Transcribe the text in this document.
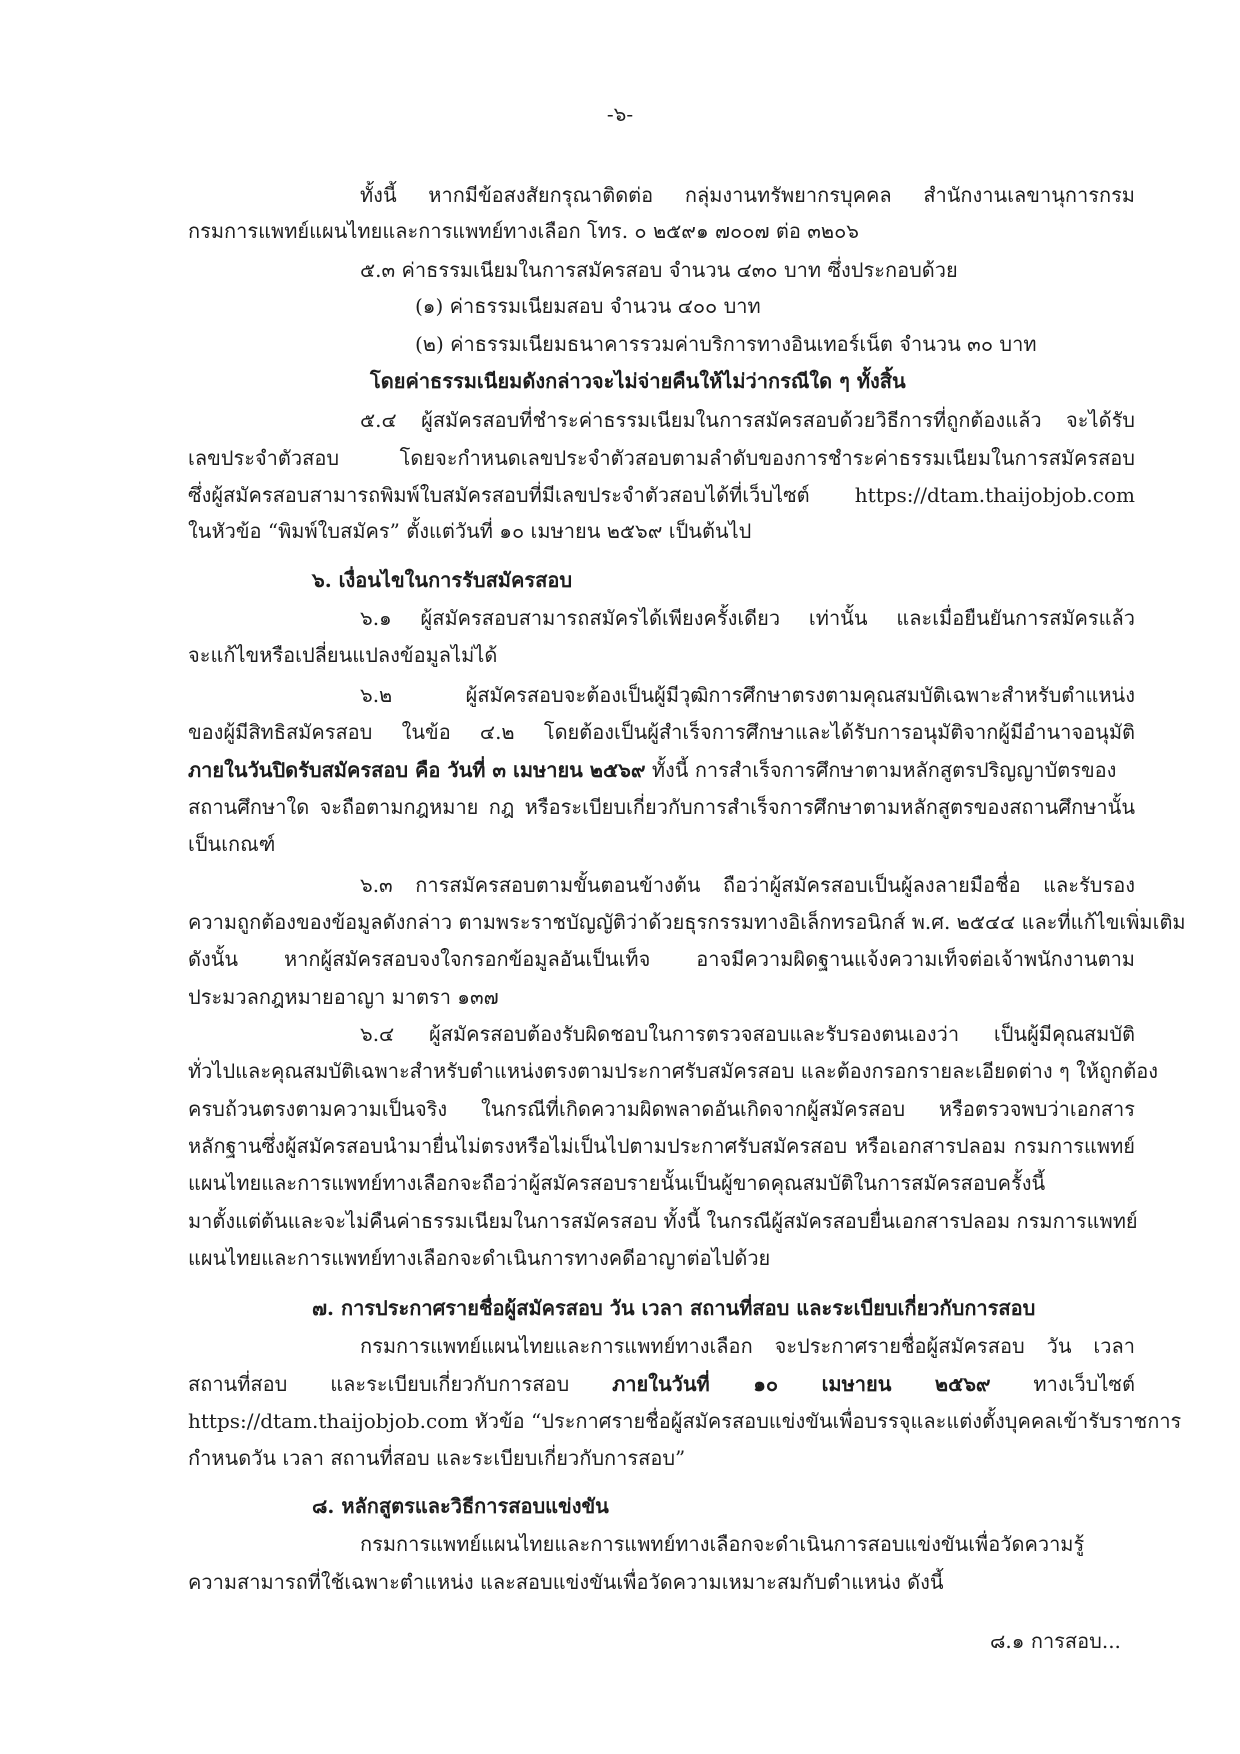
-๖-
ทั้งนี้ หากมีข้อสงสัยกรุณาติดต่อ กลุ่มงานทรัพยากรบุคคล สำนักงานเลขานุการกรม
กรมการแพทย์แผนไทยและการแพทย์ทางเลือก โทร. ๐ ๒๕๙๑ ๗๐๐๗ ต่อ ๓๒๐๖
๕.๓ ค่าธรรมเนียมในการสมัครสอบ จำนวน ๔๓๐ บาท ซึ่งประกอบด้วย
(๑) ค่าธรรมเนียมสอบ จำนวน ๔๐๐ บาท
(๒) ค่าธรรมเนียมธนาคารรวมค่าบริการทางอินเทอร์เน็ต จำนวน ๓๐ บาท
โดยค่าธรรมเนียมดังกล่าวจะไม่จ่ายคืนให้ไม่ว่ากรณีใด ๆ ทั้งสิ้น
๕.๔ ผู้สมัครสอบที่ชำระค่าธรรมเนียมในการสมัครสอบด้วยวิธีการที่ถูกต้องแล้ว จะได้รับ
เลขประจำตัวสอบ โดยจะกำหนดเลขประจำตัวสอบตามลำดับของการชำระค่าธรรมเนียมในการสมัครสอบ
ซึ่งผู้สมัครสอบสามารถพิมพ์ใบสมัครสอบที่มีเลขประจำตัวสอบได้ที่เว็บไซต์ https://dtam.thaijobjob.com
ในหัวข้อ “พิมพ์ใบสมัคร” ตั้งแต่วันที่ ๑๐ เมษายน ๒๕๖๙ เป็นต้นไป
๖. เงื่อนไขในการรับสมัครสอบ
๖.๑ ผู้สมัครสอบสามารถสมัครได้เพียงครั้งเดียว เท่านั้น และเมื่อยืนยันการสมัครแล้ว
จะแก้ไขหรือเปลี่ยนแปลงข้อมูลไม่ได้
๖.๒ ผู้สมัครสอบจะต้องเป็นผู้มีวุฒิการศึกษาตรงตามคุณสมบัติเฉพาะสำหรับตำแหน่ง
ของผู้มีสิทธิสมัครสอบ ในข้อ ๔.๒ โดยต้องเป็นผู้สำเร็จการศึกษาและได้รับการอนุมัติจากผู้มีอำนาจอนุมัติ
ภายในวันปิดรับสมัครสอบ คือ วันที่ ๓ เมษายน ๒๕๖๙ ทั้งนี้ การสำเร็จการศึกษาตามหลักสูตรปริญญาบัตรของ
สถานศึกษาใด จะถือตามกฎหมาย กฎ หรือระเบียบเกี่ยวกับการสำเร็จการศึกษาตามหลักสูตรของสถานศึกษานั้น
เป็นเกณฑ์
๖.๓ การสมัครสอบตามขั้นตอนข้างต้น ถือว่าผู้สมัครสอบเป็นผู้ลงลายมือชื่อ และรับรอง
ความถูกต้องของข้อมูลดังกล่าว ตามพระราชบัญญัติว่าด้วยธุรกรรมทางอิเล็กทรอนิกส์ พ.ศ. ๒๕๔๔ และที่แก้ไขเพิ่มเติม
ดังนั้น หากผู้สมัครสอบจงใจกรอกข้อมูลอันเป็นเท็จ อาจมีความผิดฐานแจ้งความเท็จต่อเจ้าพนักงานตาม
ประมวลกฎหมายอาญา มาตรา ๑๓๗
๖.๔ ผู้สมัครสอบต้องรับผิดชอบในการตรวจสอบและรับรองตนเองว่า เป็นผู้มีคุณสมบัติ
ทั่วไปและคุณสมบัติเฉพาะสำหรับตำแหน่งตรงตามประกาศรับสมัครสอบ และต้องกรอกรายละเอียดต่าง ๆ ให้ถูกต้อง
ครบถ้วนตรงตามความเป็นจริง ในกรณีที่เกิดความผิดพลาดอันเกิดจากผู้สมัครสอบ หรือตรวจพบว่าเอกสาร
หลักฐานซึ่งผู้สมัครสอบนำมายื่นไม่ตรงหรือไม่เป็นไปตามประกาศรับสมัครสอบ หรือเอกสารปลอม กรมการแพทย์
แผนไทยและการแพทย์ทางเลือกจะถือว่าผู้สมัครสอบรายนั้นเป็นผู้ขาดคุณสมบัติในการสมัครสอบครั้งนี้
มาตั้งแต่ต้นและจะไม่คืนค่าธรรมเนียมในการสมัครสอบ ทั้งนี้ ในกรณีผู้สมัครสอบยื่นเอกสารปลอม กรมการแพทย์
แผนไทยและการแพทย์ทางเลือกจะดำเนินการทางคดีอาญาต่อไปด้วย
๗. การประกาศรายชื่อผู้สมัครสอบ วัน เวลา สถานที่สอบ และระเบียบเกี่ยวกับการสอบ
กรมการแพทย์แผนไทยและการแพทย์ทางเลือก จะประกาศรายชื่อผู้สมัครสอบ วัน เวลา
สถานที่สอบ และระเบียบเกี่ยวกับการสอบ ภายในวันที่ ๑๐ เมษายน ๒๕๖๙ ทางเว็บไซต์
https://dtam.thaijobjob.com หัวข้อ “ประกาศรายชื่อผู้สมัครสอบแข่งขันเพื่อบรรจุและแต่งตั้งบุคคลเข้ารับราชการ
กำหนดวัน เวลา สถานที่สอบ และระเบียบเกี่ยวกับการสอบ”
๘. หลักสูตรและวิธีการสอบแข่งขัน
กรมการแพทย์แผนไทยและการแพทย์ทางเลือกจะดำเนินการสอบแข่งขันเพื่อวัดความรู้
ความสามารถที่ใช้เฉพาะตำแหน่ง และสอบแข่งขันเพื่อวัดความเหมาะสมกับตำแหน่ง ดังนี้
๘.๑ การสอบ...
